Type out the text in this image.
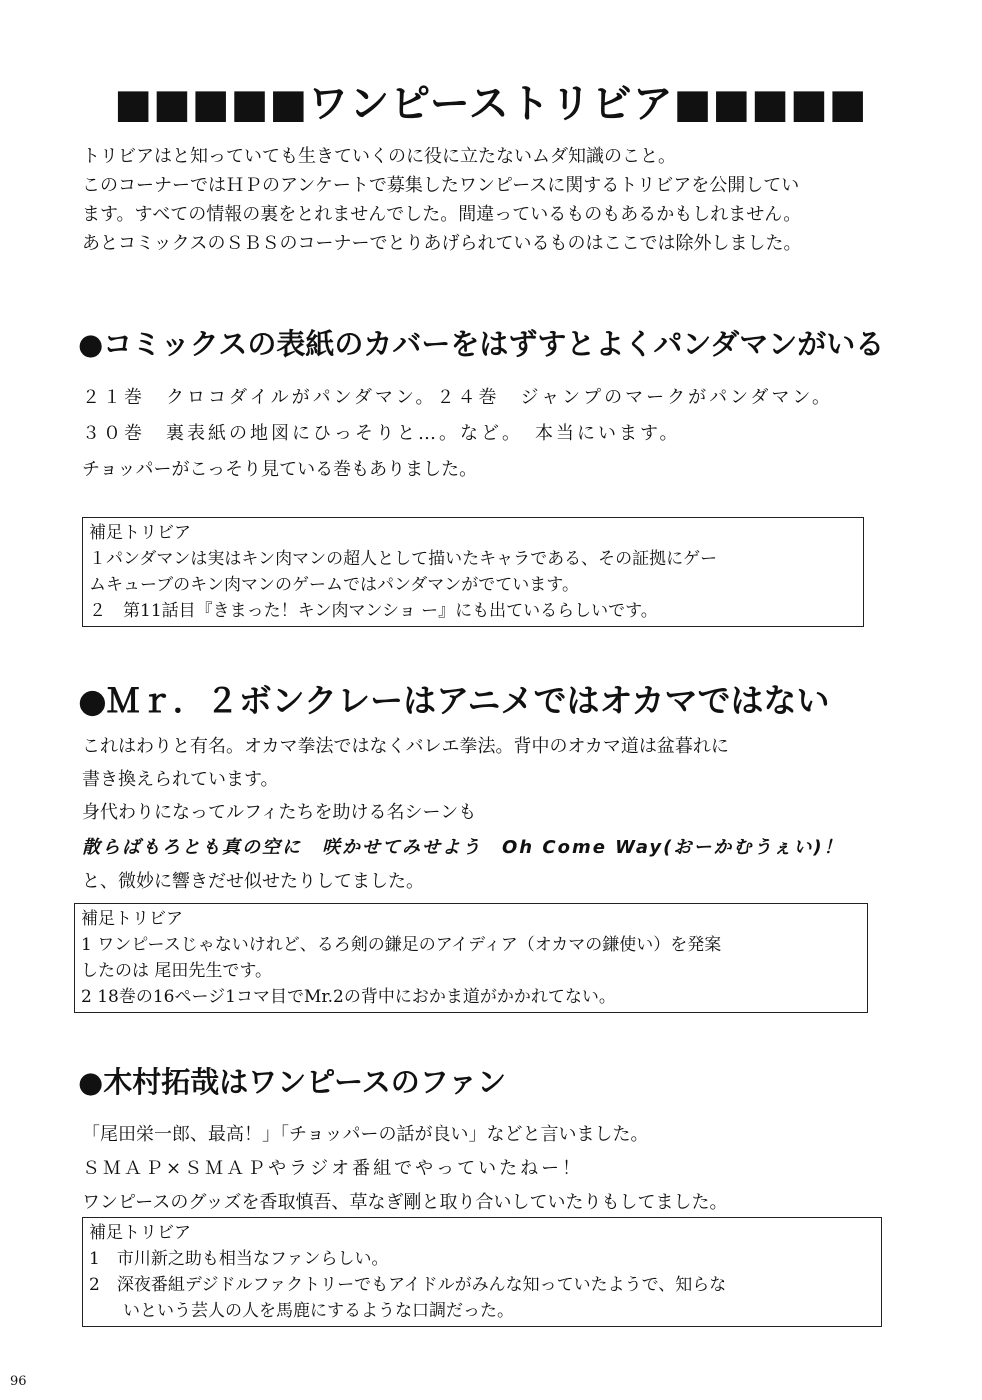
■■■■■ワンピーストリビア■■■■■
トリビアはと知っていても生きていくのに役に立たないムダ知識のこと。
このコーナーではＨＰのアンケートで募集したワンピースに関するトリビアを公開してい
ます。すべての情報の裏をとれませんでした。間違っているものもあるかもしれません。
あとコミックスのＳＢＳのコーナーでとりあげられているものはここでは除外しました。
●コミックスの表紙のカバーをはずすとよくパンダマンがいる
２１巻　クロコダイルがパンダマン。２４巻　ジャンプのマークがパンダマン。
３０巻　裏表紙の地図にひっそりと…。など。　本当にいます。
チョッパーがこっそり見ている巻もありました。
補足トリビア
１パンダマンは実はキン肉マンの超人として描いたキャラである、その証拠にゲー
ムキューブのキン肉マンのゲームではパンダマンがでています。
２　第11話目『きまった！キン肉マンショ ー』にも出ているらしいです。
●Ｍｒ．２ボンクレーはアニメではオカマではない
これはわりと有名。オカマ拳法ではなくバレエ拳法。背中のオカマ道は盆暮れに
書き換えられています。
身代わりになってルフィたちを助ける名シーンも
散らばもろとも真の空に　咲かせてみせよう　Oh Come Way(おーかむうぇい)！
と、微妙に響きだせ似せたりしてました。
補足トリビア
1 ワンピースじゃないけれど、るろ剣の鎌足のアイディア（オカマの鎌使い）を発案
したのは 尾田先生です。
2 18巻の16ページ1コマ目でMr.2の背中におかま道がかかれてない。
●木村拓哉はワンピースのファン
「尾田栄一郎、最高！」「チョッパーの話が良い」などと言いました。
ＳＭＡＰ×ＳＭＡＰやラジオ番組でやっていたねー！
ワンピースのグッズを香取慎吾、草なぎ剛と取り合いしていたりもしてました。
補足トリビア
1　市川新之助も相当なファンらしい。
2　深夜番組デジドルファクトリーでもアイドルがみんな知っていたようで、知らな
　　いという芸人の人を馬鹿にするような口調だった。
96
